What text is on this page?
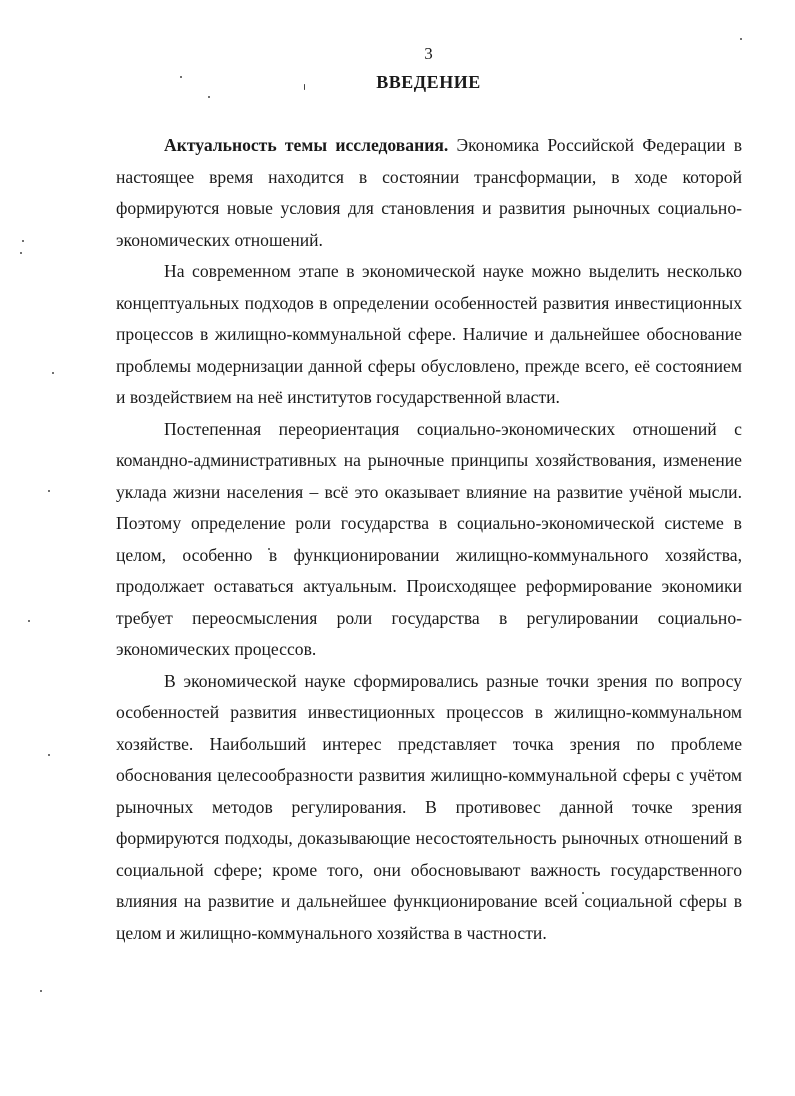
3
ВВЕДЕНИЕ

Актуальность темы исследования. Экономика Российской Федерации в настоящее время находится в состоянии трансформации, в ходе которой формируются новые условия для становления и развития рыночных социально-экономических отношений.

На современном этапе в экономической науке можно выделить несколько концептуальных подходов в определении особенностей развития инвестиционных процессов в жилищно-коммунальной сфере. Наличие и дальнейшее обоснование проблемы модернизации данной сферы обусловлено, прежде всего, её состоянием и воздействием на неё институтов государственной власти.

Постепенная переориентация социально-экономических отношений с командно-административных на рыночные принципы хозяйствования, изменение уклада жизни населения – всё это оказывает влияние на развитие учёной мысли. Поэтому определение роли государства в социально-экономической системе в целом, особенно в функционировании жилищно-коммунального хозяйства, продолжает оставаться актуальным. Происходящее реформирование экономики требует переосмысления роли государства в регулировании социально-экономических процессов.

В экономической науке сформировались разные точки зрения по вопросу особенностей развития инвестиционных процессов в жилищно-коммунальном хозяйстве. Наибольший интерес представляет точка зрения по проблеме обоснования целесообразности развития жилищно-коммунальной сферы с учётом рыночных методов регулирования. В противовес данной точке зрения формируются подходы, доказывающие несостоятельность рыночных отношений в социальной сфере; кроме того, они обосновывают важность государственного влияния на развитие и дальнейшее функционирование всей социальной сферы в целом и жилищно-коммунального хозяйства в частности.
